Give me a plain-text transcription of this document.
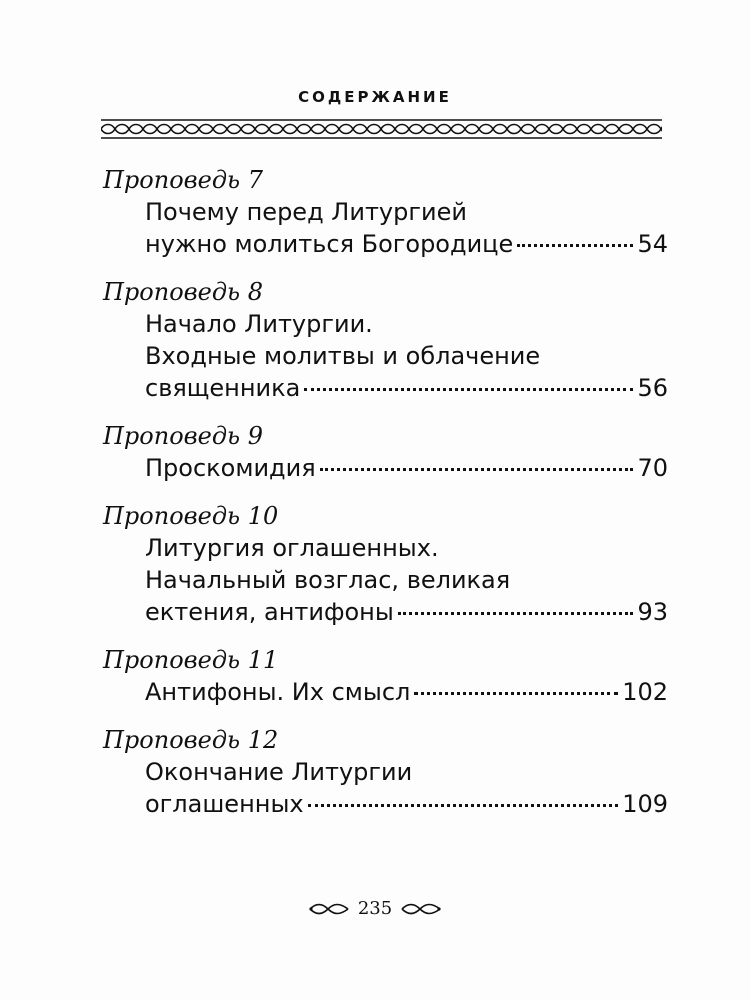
СОДЕРЖАНИЕ
Проповедь 7
Почему перед Литургией
нужно молиться Богородице	54
Проповедь 8
Начало Литургии.
Входные молитвы и облачение
священника	56
Проповедь 9
Проскомидия	70
Проповедь 10
Литургия оглашенных.
Начальный возглас, великая
ектения, антифоны	93
Проповедь 11
Антифоны. Их смысл	102
Проповедь 12
Окончание Литургии
оглашенных	109
235
